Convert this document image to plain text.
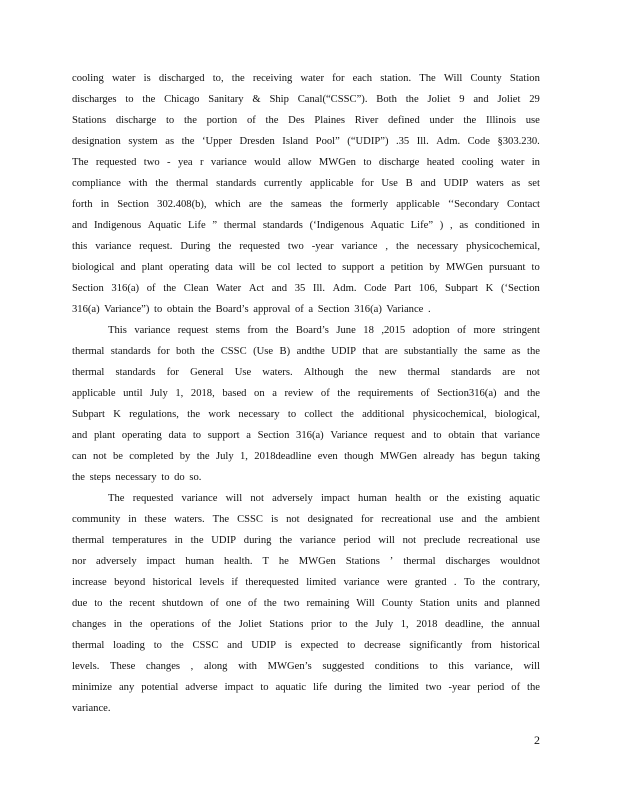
cooling water is discharged to, the receiving water for each station. The Will County Station
discharges to the Chicago Sanitary & Ship Canal(“CSSC”). Both the Joliet 9 and Joliet 29
Stations discharge to the portion of the Des Plaines River defined under the Illinois use
designation system as the ‘Upper Dresden Island Pool” (“UDIP”) .35 Ill. Adm. Code §303.230.
The requested two - yea r variance would allow MWGen to discharge heated cooling water in
compliance with the thermal standards currently applicable for Use B and UDIP waters as set
forth in Section 302.408(b), which are the sameas the formerly applicable ‘‘Secondary Contact
and Indigenous Aquatic Life ” thermal standards (‘Indigenous Aquatic Life” ) , as conditioned in
this variance request. During the requested two -year variance , the necessary physicochemical,
biological and plant operating data will be col lected to support a petition by MWGen pursuant to
Section 316(a) of the Clean Water Act and 35 Ill. Adm. Code Part 106, Subpart K (‘Section
316(a) Variance”) to obtain the Board’s approval of a Section 316(a) Variance .
This variance request stems from the Board’s June 18 ,2015 adoption of more stringent
thermal standards for both the CSSC (Use B) andthe UDIP that are substantially the same as the
thermal standards for General Use waters. Although the new thermal standards are not
applicable until July 1, 2018, based on a review of the requirements of Section316(a) and the
Subpart K regulations, the work necessary to collect the additional physicochemical, biological,
and plant operating data to support a Section 316(a) Variance request and to obtain that variance
can not be completed by the July 1, 2018deadline even though MWGen already has begun taking
the steps necessary to do so.
The requested variance will not adversely impact human health or the existing aquatic
community in these waters. The CSSC is not designated for recreational use and the ambient
thermal temperatures in the UDIP during the variance period will not preclude recreational use
nor adversely impact human health. T he MWGen Stations ’ thermal discharges wouldnot
increase beyond historical levels if therequested limited variance were granted . To the contrary,
due to the recent shutdown of one of the two remaining Will County Station units and planned
changes in the operations of the Joliet Stations prior to the July 1, 2018 deadline, the annual
thermal loading to the CSSC and UDIP is expected to decrease significantly from historical
levels. These changes , along with MWGen’s suggested conditions to this variance, will
minimize any potential adverse impact to aquatic life during the limited two -year period of the
variance.
2
